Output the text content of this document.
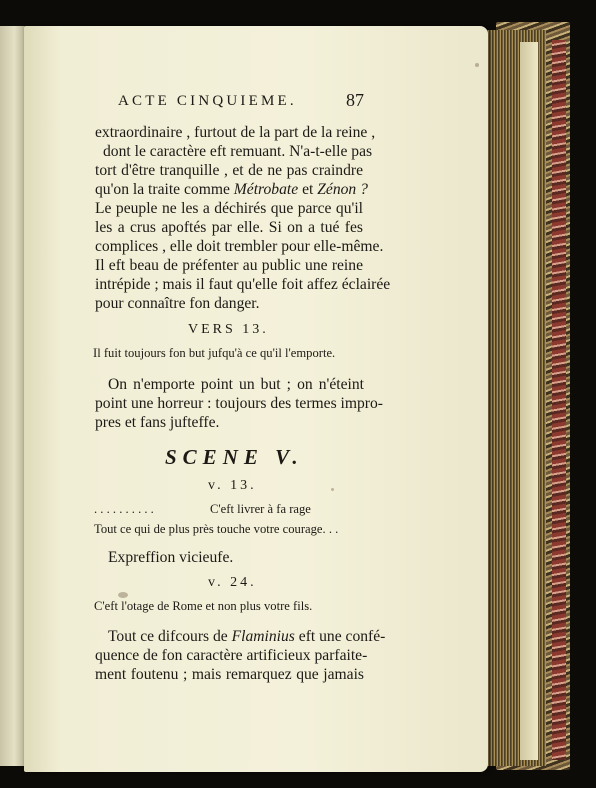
ACTE CINQUIEME.	87
extraordinaire , furtout de la part de la reine ,
dont le caractère eft remuant. N'a-t-elle pas
tort d'être tranquille , et de ne pas craindre
qu'on la traite comme Métrobate et Zénon ?
Le peuple ne les a déchirés que parce qu'il
les a crus apoftés par elle. Si on a tué fes
complices , elle doit trembler pour elle-même.
Il eft beau de préfenter au public une reine
intrépide ; mais il faut qu'elle foit affez éclairée
pour connaître fon danger.
VERS 13.
Il fuit toujours fon but jufqu'à ce qu'il l'emporte.
On n'emporte point un but ; on n'éteint
point une horreur : toujours des termes impro-
pres et fans jufteffe.
SCENE V.
v. 13.
. . . . . . . . . .	C'eft livrer à fa rage
Tout ce qui de plus près touche votre courage. . .
Expreffion vicieufe.
v. 24.
C'eft l'otage de Rome et non plus votre fils.
Tout ce difcours de Flaminius eft une confé-
quence de fon caractère artificieux parfaite-
ment foutenu ; mais remarquez que jamais
